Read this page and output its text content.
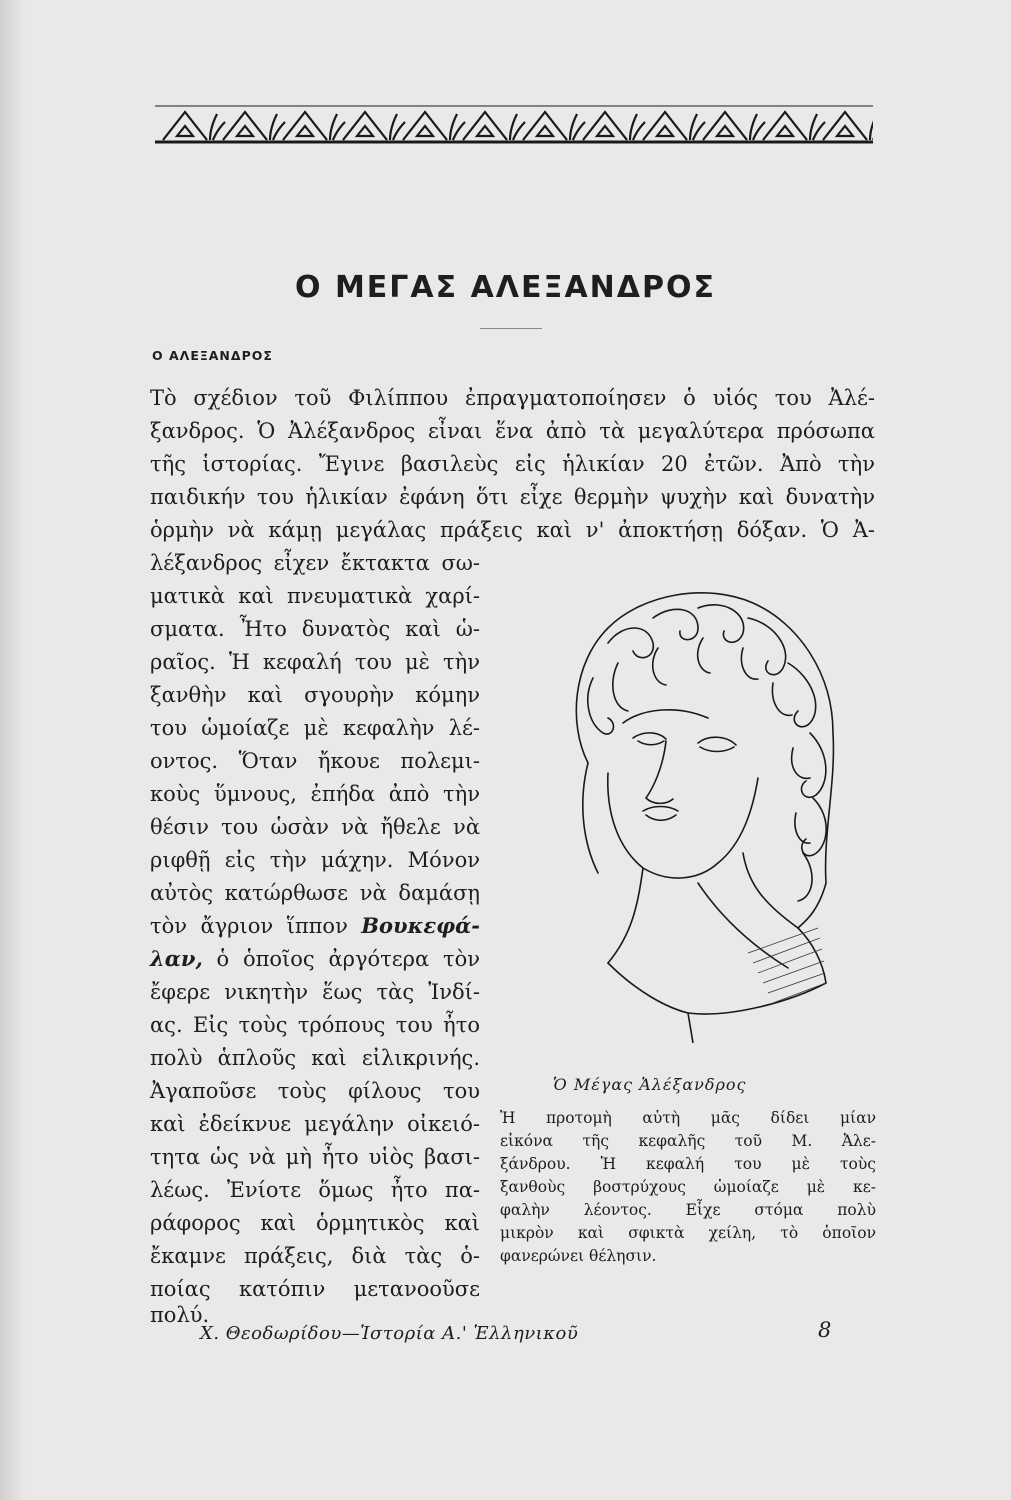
Ο ΜΕΓΑΣ ΑΛΕΞΑΝΔΡΟΣ
Ο ΑΛΕΞΑΝΔΡΟΣ
Τὸ σχέδιον τοῦ Φιλίππου ἐπραγματοποίησεν ὁ υἱός του Ἀλέ-
ξανδρος. Ὁ Ἀλέξανδρος εἶναι ἕνα ἀπὸ τὰ μεγαλύτερα πρόσωπα
τῆς ἱστορίας. Ἔγινε βασιλεὺς εἰς ἡλικίαν 20 ἐτῶν. Ἀπὸ τὴν
παιδικήν του ἡλικίαν ἐφάνη ὅτι εἶχε θερμὴν ψυχὴν καὶ δυνατὴν
ὁρμὴν νὰ κάμῃ μεγάλας πράξεις καὶ ν' ἀποκτήσῃ δόξαν. Ὁ Ἀ-
λέξανδρος εἶχεν ἔκτακτα σω-
ματικὰ καὶ πνευματικὰ χαρί-
σματα. Ἦτο δυνατὸς καὶ ὡ-
ραῖος. Ἡ κεφαλή του μὲ τὴν
ξανθὴν καὶ σγουρὴν κόμην
του ὡμοίαζε μὲ κεφαλὴν λέ-
οντος. Ὅταν ἤκουε πολεμι-
κοὺς ὕμνους, ἐπήδα ἀπὸ τὴν
θέσιν του ὡσὰν νὰ ἤθελε νὰ
ριφθῇ εἰς τὴν μάχην. Μόνον
αὐτὸς κατώρθωσε νὰ δαμάσῃ
τὸν ἄγριον ἵππον Βουκεφά-
λαν, ὁ ὁποῖος ἀργότερα τὸν
ἔφερε νικητὴν ἕως τὰς Ἰνδί-
ας. Εἰς τοὺς τρόπους του ἦτο
πολὺ ἁπλοῦς καὶ εἰλικρινής.
Ἀγαποῦσε τοὺς φίλους του
καὶ ἐδείκνυε μεγάλην οἰκειό-
τητα ὡς νὰ μὴ ἦτο υἱὸς βασι-
λέως. Ἐνίοτε ὅμως ἦτο πα-
ράφορος καὶ ὁρμητικὸς καὶ
ἔκαμνε πράξεις, διὰ τὰς ὁ-
ποίας κατόπιν μετανοοῦσε
πολύ.
Ὁ Μέγας Ἀλέξανδρος
Ἡ προτομὴ αὐτὴ μᾶς δίδει μίαν
εἰκόνα τῆς κεφαλῆς τοῦ Μ. Ἀλε-
ξάνδρου. Ἡ κεφαλή του μὲ τοὺς
ξανθοὺς βοστρύχους ὡμοίαζε μὲ κε-
φαλὴν λέοντος. Εἶχε στόμα πολὺ
μικρὸν καὶ σφικτὰ χείλη, τὸ ὁποῖον
φανερώνει θέλησιν.
Χ. Θεοδωρίδου—Ἱστορία Α.' Ἑλληνικοῦ	8
